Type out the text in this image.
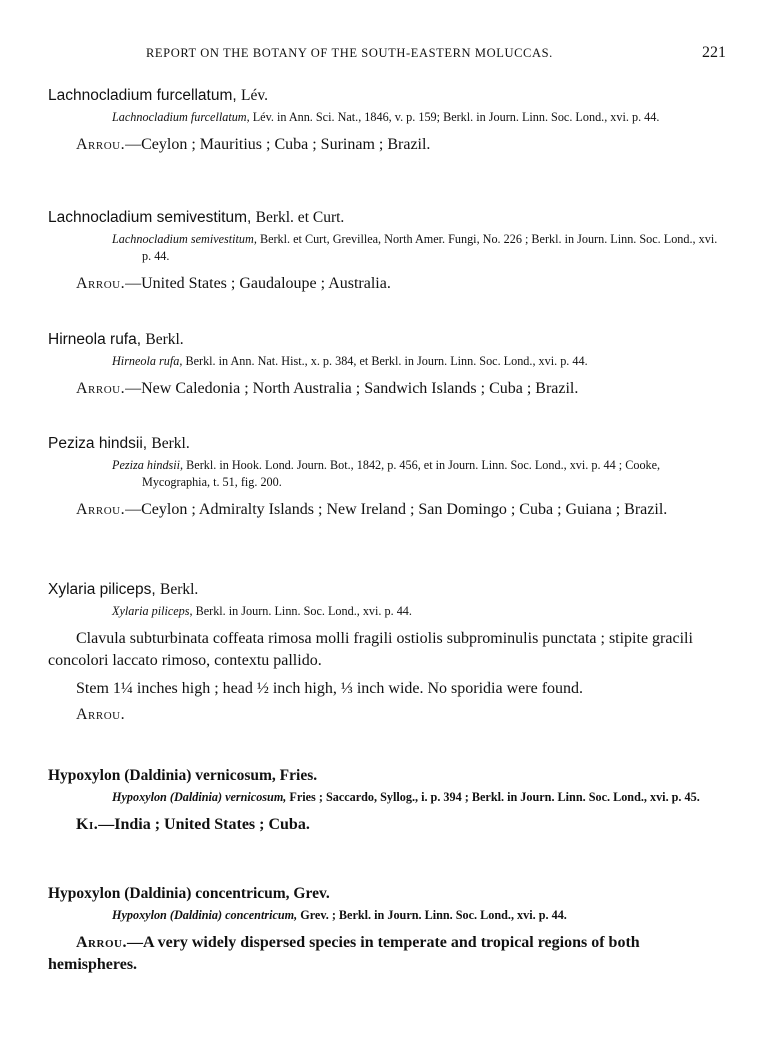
REPORT ON THE BOTANY OF THE SOUTH-EASTERN MOLUCCAS.	221

Lachnocladium furcellatum, Lév.

Lachnocladium furcellatum, Lév. in Ann. Sci. Nat., 1846, v. p. 159; Berkl. in Journ. Linn. Soc. Lond., xvi. p. 44.

Arrou.—Ceylon ; Mauritius ; Cuba ; Surinam ; Brazil.

Lachnocladium semivestitum, Berkl. et Curt.

Lachnocladium semivestitum, Berkl. et Curt, Grevillea, North Amer. Fungi, No. 226 ; Berkl. in Journ. Linn. Soc. Lond., xvi. p. 44.

Arrou.—United States ; Gaudaloupe ; Australia.

Hirneola rufa, Berkl.

Hirneola rufa, Berkl. in Ann. Nat. Hist., x. p. 384, et Berkl. in Journ. Linn. Soc. Lond., xvi. p. 44.

Arrou.—New Caledonia ; North Australia ; Sandwich Islands ; Cuba ; Brazil.

Peziza hindsii, Berkl.

Peziza hindsii, Berkl. in Hook. Lond. Journ. Bot., 1842, p. 456, et in Journ. Linn. Soc. Lond., xvi. p. 44 ; Cooke, Mycographia, t. 51, fig. 200.

Arrou.—Ceylon ; Admiralty Islands ; New Ireland ; San Domingo ; Cuba ; Guiana ; Brazil.

Xylaria piliceps, Berkl.

Xylaria piliceps, Berkl. in Journ. Linn. Soc. Lond., xvi. p. 44.

Clavula subturbinata coffeata rimosa molli fragili ostiolis subprominulis punctata ; stipite gracili concolori laccato rimoso, contextu pallido.

Stem 1¼ inches high ; head ½ inch high, ⅓ inch wide. No sporidia were found.

Arrou.

Hypoxylon (Daldinia) vernicosum, Fries.

Hypoxylon (Daldinia) vernicosum, Fries ; Saccardo, Syllog., i. p. 394 ; Berkl. in Journ. Linn. Soc. Lond., xvi. p. 45.

Ki.—India ; United States ; Cuba.

Hypoxylon (Daldinia) concentricum, Grev.

Hypoxylon (Daldinia) concentricum, Grev. ; Berkl. in Journ. Linn. Soc. Lond., xvi. p. 44.

Arrou.—A very widely dispersed species in temperate and tropical regions of both hemispheres.
